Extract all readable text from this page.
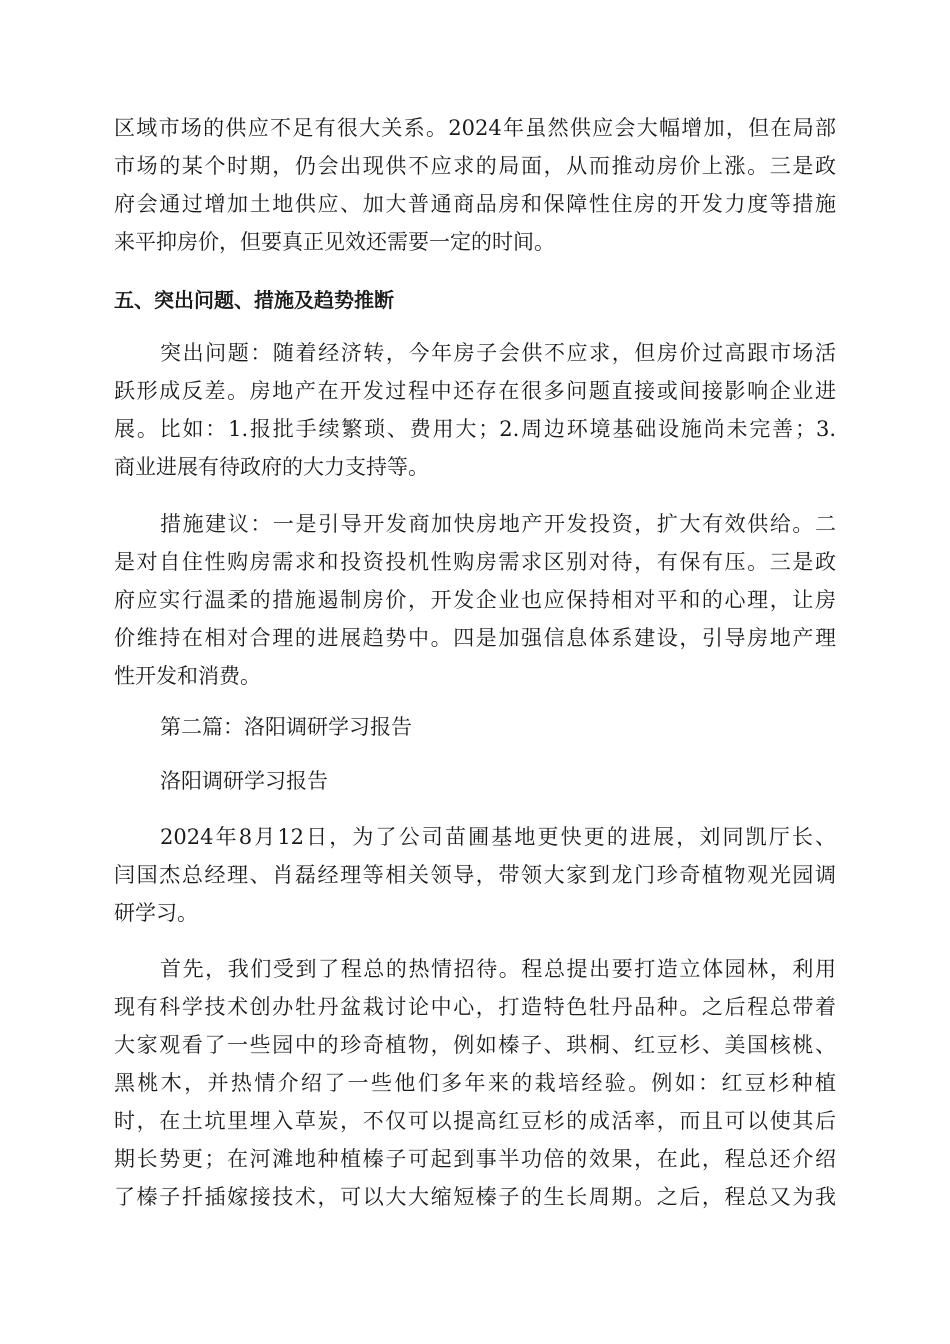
区域市场的供应不足有很大关系。2024年虽然供应会大幅增加，但在局部
市场的某个时期，仍会出现供不应求的局面，从而推动房价上涨。三是政
府会通过增加土地供应、加大普通商品房和保障性住房的开发力度等措施
来平抑房价，但要真正见效还需要一定的时间。
五、突出问题、措施及趋势推断
突出问题：随着经济转，今年房子会供不应求，但房价过高跟市场活
跃形成反差。房地产在开发过程中还存在很多问题直接或间接影响企业进
展。比如：1.报批手续繁琐、费用大；2.周边环境基础设施尚未完善；3.
商业进展有待政府的大力支持等。
措施建议：一是引导开发商加快房地产开发投资，扩大有效供给。二
是对自住性购房需求和投资投机性购房需求区别对待，有保有压。三是政
府应实行温柔的措施遏制房价，开发企业也应保持相对平和的心理，让房
价维持在相对合理的进展趋势中。四是加强信息体系建设，引导房地产理
性开发和消费。
第二篇：洛阳调研学习报告
洛阳调研学习报告
2024年8月12日，为了公司苗圃基地更快更的进展，刘同凯厅长、
闫国杰总经理、肖磊经理等相关领导，带领大家到龙门珍奇植物观光园调
研学习。
首先，我们受到了程总的热情招待。程总提出要打造立体园林，利用
现有科学技术创办牡丹盆栽讨论中心，打造特色牡丹品种。之后程总带着
大家观看了一些园中的珍奇植物，例如榛子、珙桐、红豆杉、美国核桃、
黑桃木，并热情介绍了一些他们多年来的栽培经验。例如：红豆杉种植
时，在土坑里埋入草炭，不仅可以提高红豆杉的成活率，而且可以使其后
期长势更；在河滩地种植榛子可起到事半功倍的效果，在此，程总还介绍
了榛子扦插嫁接技术，可以大大缩短榛子的生长周期。之后，程总又为我
